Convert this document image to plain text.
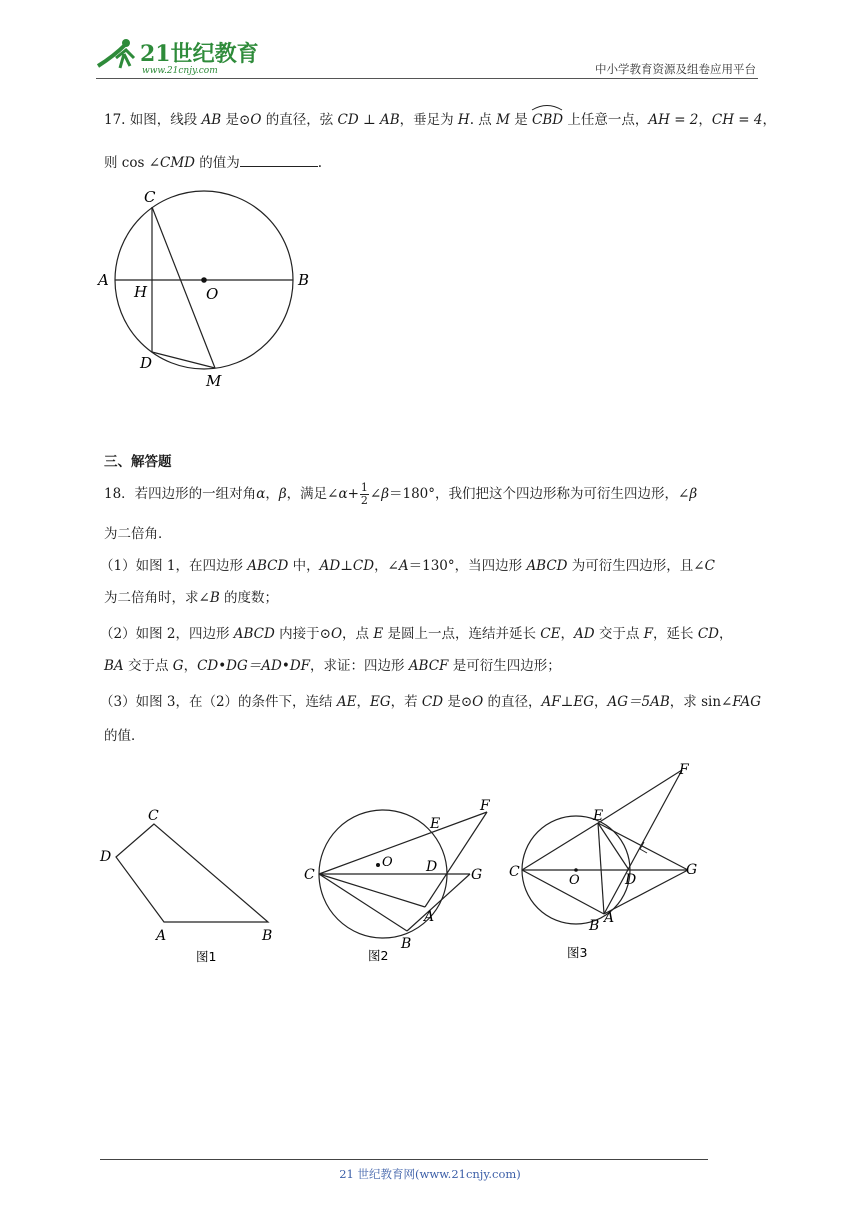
21世纪教育
www.21cnjy.com	中小学教育资源及组卷应用平台
17. 如图，线段 AB 是⊙O 的直径，弦 CD ⊥ AB，垂足为 H. 点 M 是
CBD 上任意一点，AH = 2，CH = 4，
则 cos ∠CMD 的值为	.
C
A
H	O
B
D
M
三、解答题
18．若四边形的一组对角α，β，满足∠α+ $\frac{1}{2}$ ∠β＝180°，我们把这个四边形称为可衍生四边形，∠β
为二倍角．
（1）如图 1，在四边形 ABCD 中，AD⊥CD，∠A＝130°，当四边形 ABCD 为可衍生四边形，且∠C
为二倍角时，求∠B 的度数；
（2）如图 2，四边形 ABCD 内接于⊙O，点 E 是圆上一点，连结并延长 CE，AD 交于点 F，延长 CD，
BA 交于点 G，CD•DG＝AD•DF，求证：四边形 ABCF 是可衍生四边形；
（3）如图 3，在（2）的条件下，连结 AE，EG，若 CD 是⊙O 的直径，AF⊥EG，AG＝5AB，求 sin∠FAG
的值．
C
D
A	B
图1
F
E
O
C	D G
A
B
图2
F
E
C
O	D
G
B A
图3
21 世纪教育网(www.21cnjy.com)
